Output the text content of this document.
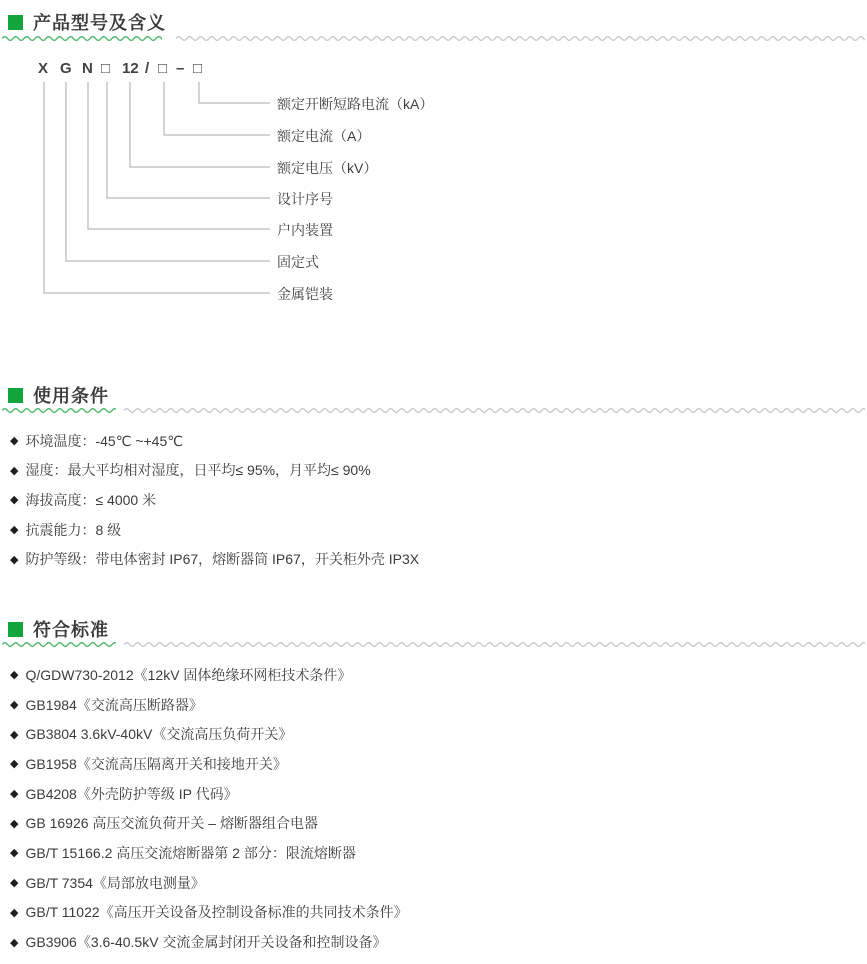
产品型号及含义
X G N □ 12 / □ – □
额定开断短路电流（kA）
额定电流（A）
额定电压（kV）
设计序号
户内装置
固定式
金属铠装
使用条件
◆ 环境温度：-45℃ ~+45℃
◆ 湿度：最大平均相对湿度，日平均≤ 95%，月平均≤ 90%
◆ 海拔高度：≤ 4000 米
◆ 抗震能力：8 级
◆ 防护等级：带电体密封 IP67，熔断器筒 IP67，开关柜外壳 IP3X
符合标准
◆ Q/GDW730-2012《12kV 固体绝缘环网柜技术条件》
◆ GB1984《交流高压断路器》
◆ GB3804 3.6kV-40kV《交流高压负荷开关》
◆ GB1958《交流高压隔离开关和接地开关》
◆ GB4208《外壳防护等级 IP 代码》
◆ GB 16926 高压交流负荷开关 – 熔断器组合电器
◆ GB/T 15166.2 高压交流熔断器第 2 部分：限流熔断器
◆ GB/T 7354《局部放电测量》
◆ GB/T 11022《高压开关设备及控制设备标准的共同技术条件》
◆ GB3906《3.6-40.5kV 交流金属封闭开关设备和控制设备》
